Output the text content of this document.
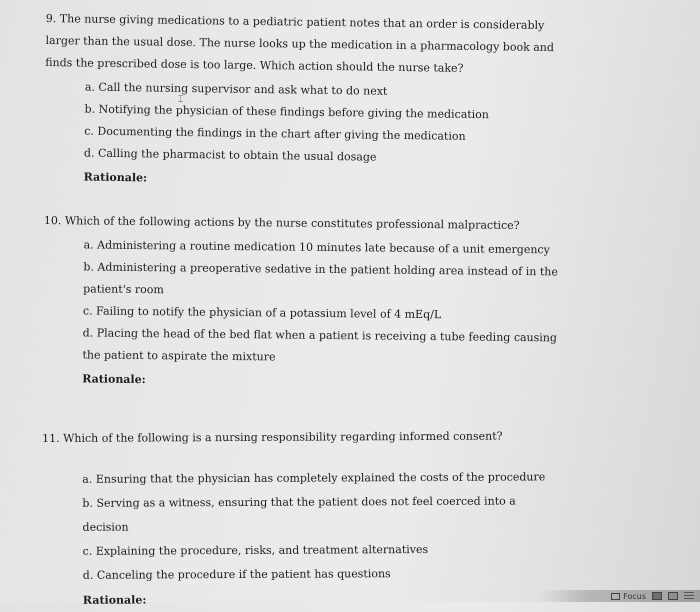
9. The nurse giving medications to a pediatric patient notes that an order is considerably larger than the usual dose. The nurse looks up the medication in a pharmacology book and finds the prescribed dose is too large. Which action should the nurse take?

a. Call the nursing supervisor and ask what to do next
b. Notifying the physician of these findings before giving the medication
c. Documenting the findings in the chart after giving the medication
d. Calling the pharmacist to obtain the usual dosage
Rationale:
⌶

10. Which of the following actions by the nurse constitutes professional malpractice?

a. Administering a routine medication 10 minutes late because of a unit emergency
b. Administering a preoperative sedative in the patient holding area instead of in the patient's room
c. Failing to notify the physician of a potassium level of 4 mEq/L
d. Placing the head of the bed flat when a patient is receiving a tube feeding causing the patient to aspirate the mixture
Rationale:

11. Which of the following is a nursing responsibility regarding informed consent?

a. Ensuring that the physician has completely explained the costs of the procedure
b. Serving as a witness, ensuring that the patient does not feel coerced into a decision
c. Explaining the procedure, risks, and treatment alternatives
d. Canceling the procedure if the patient has questions
Rationale:	Focus
